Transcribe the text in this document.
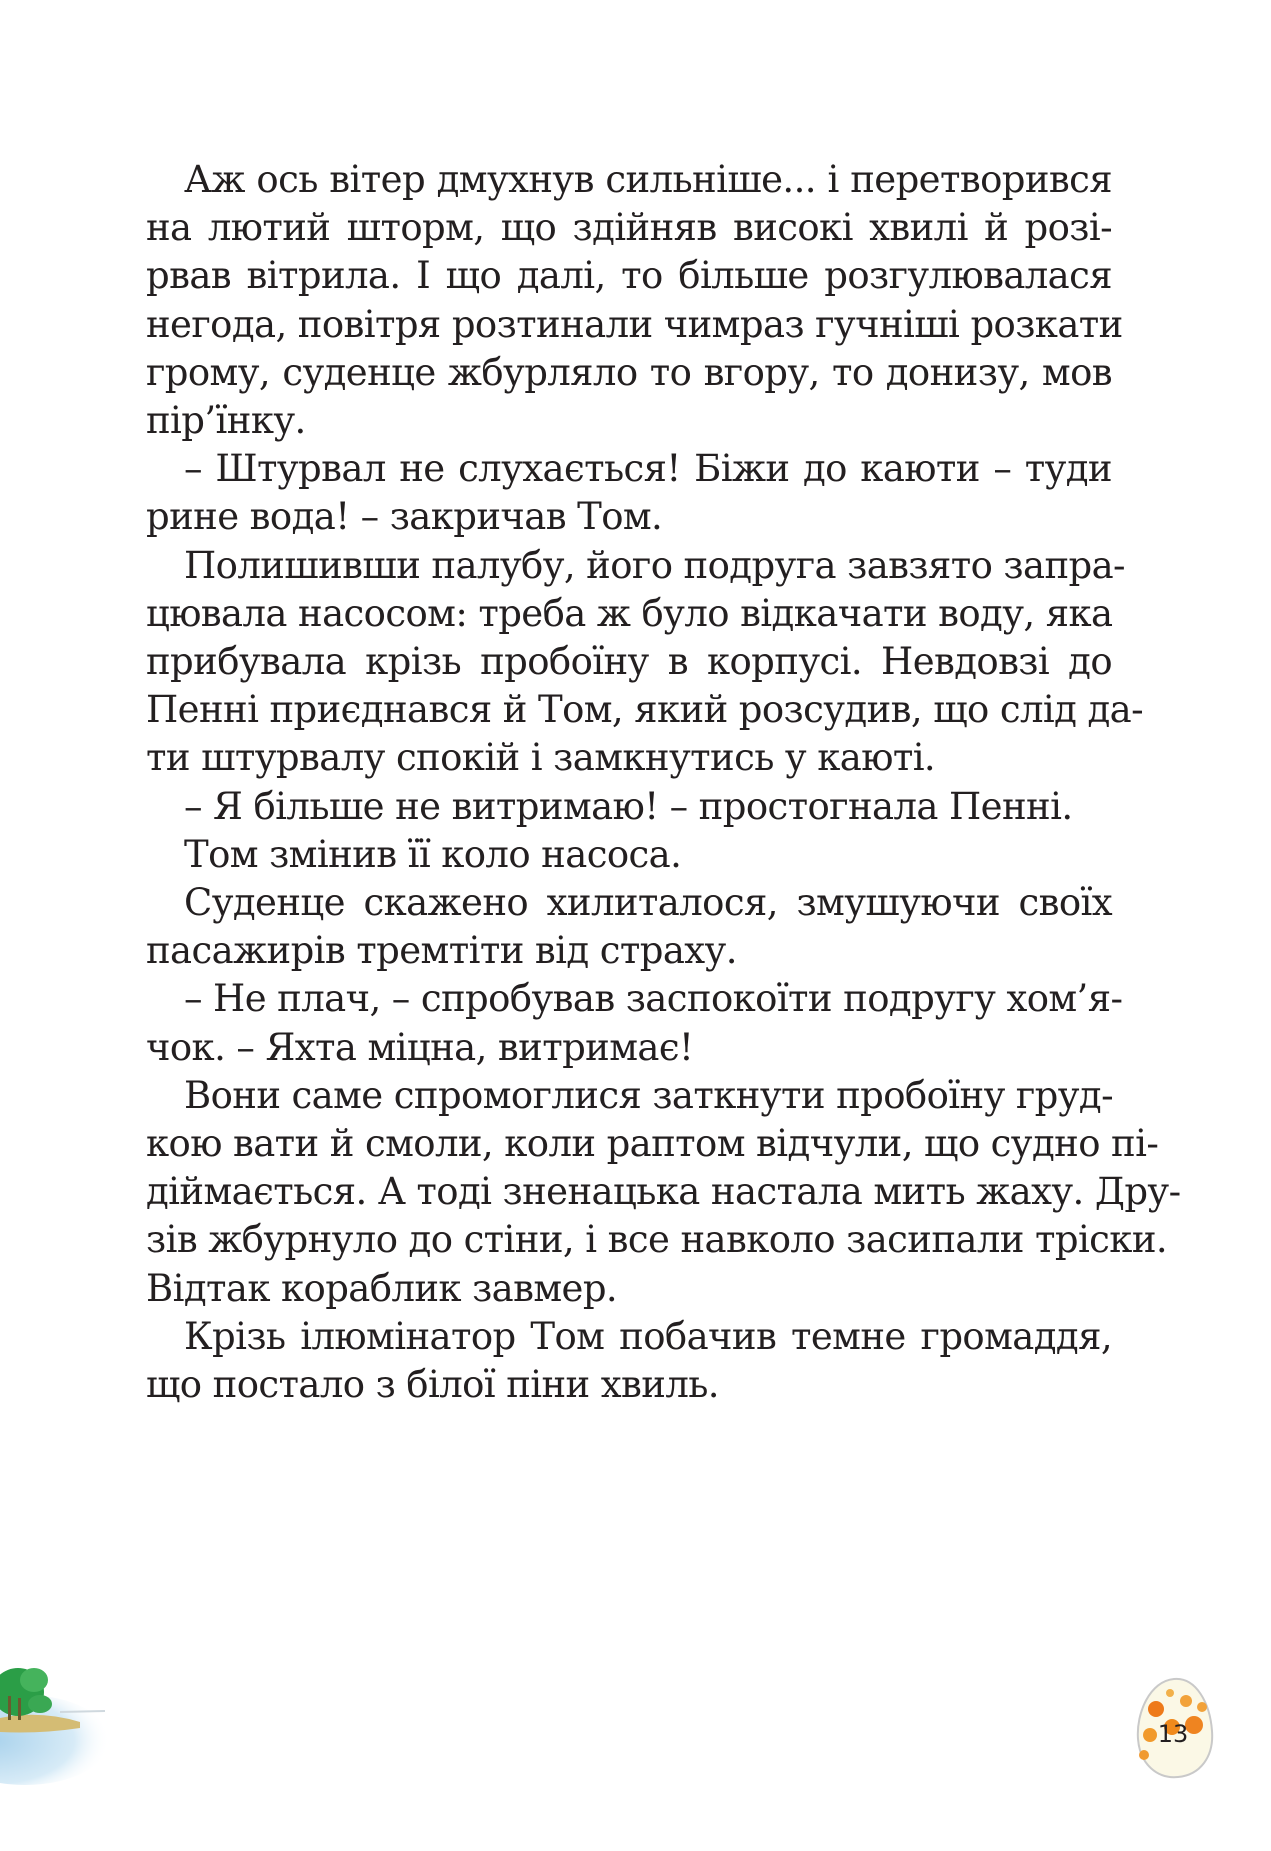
Аж ось вітер дмухнув сильніше... і перетворився
на лютий шторм, що здійняв високі хвилі й розі-
рвав вітрила. І що далі, то більше розгулювалася
негода, повітря розтинали чимраз гучніші розкати
грому, суденце жбурляло то вгору, то донизу, мов
пір’їнку.
– Штурвал не слухається! Біжи до каюти – туди
рине вода! – закричав Том.
Полишивши палубу, його подруга завзято запра-
цювала насосом: треба ж було відкачати воду, яка
прибувала крізь пробоїну в корпусі. Невдовзі до
Пенні приєднався й Том, який розсудив, що слід да-
ти штурвалу спокій і замкнутись у каюті.
– Я більше не витримаю! – простогнала Пенні.
Том змінив її коло насоса.
Суденце скажено хилиталося, змушуючи своїх
пасажирів тремтіти від страху.
– Не плач, – спробував заспокоїти подругу хом’я-
чок. – Яхта міцна, витримає!
Вони саме спромоглися заткнути пробоїну груд-
кою вати й смоли, коли раптом відчули, що судно пі-
діймається. А тоді зненацька настала мить жаху. Дру-
зів жбурнуло до стіни, і все навколо засипали тріски.
Відтак кораблик завмер.
Крізь ілюмінатор Том побачив темне громаддя,
що постало з білої піни хвиль.
13
